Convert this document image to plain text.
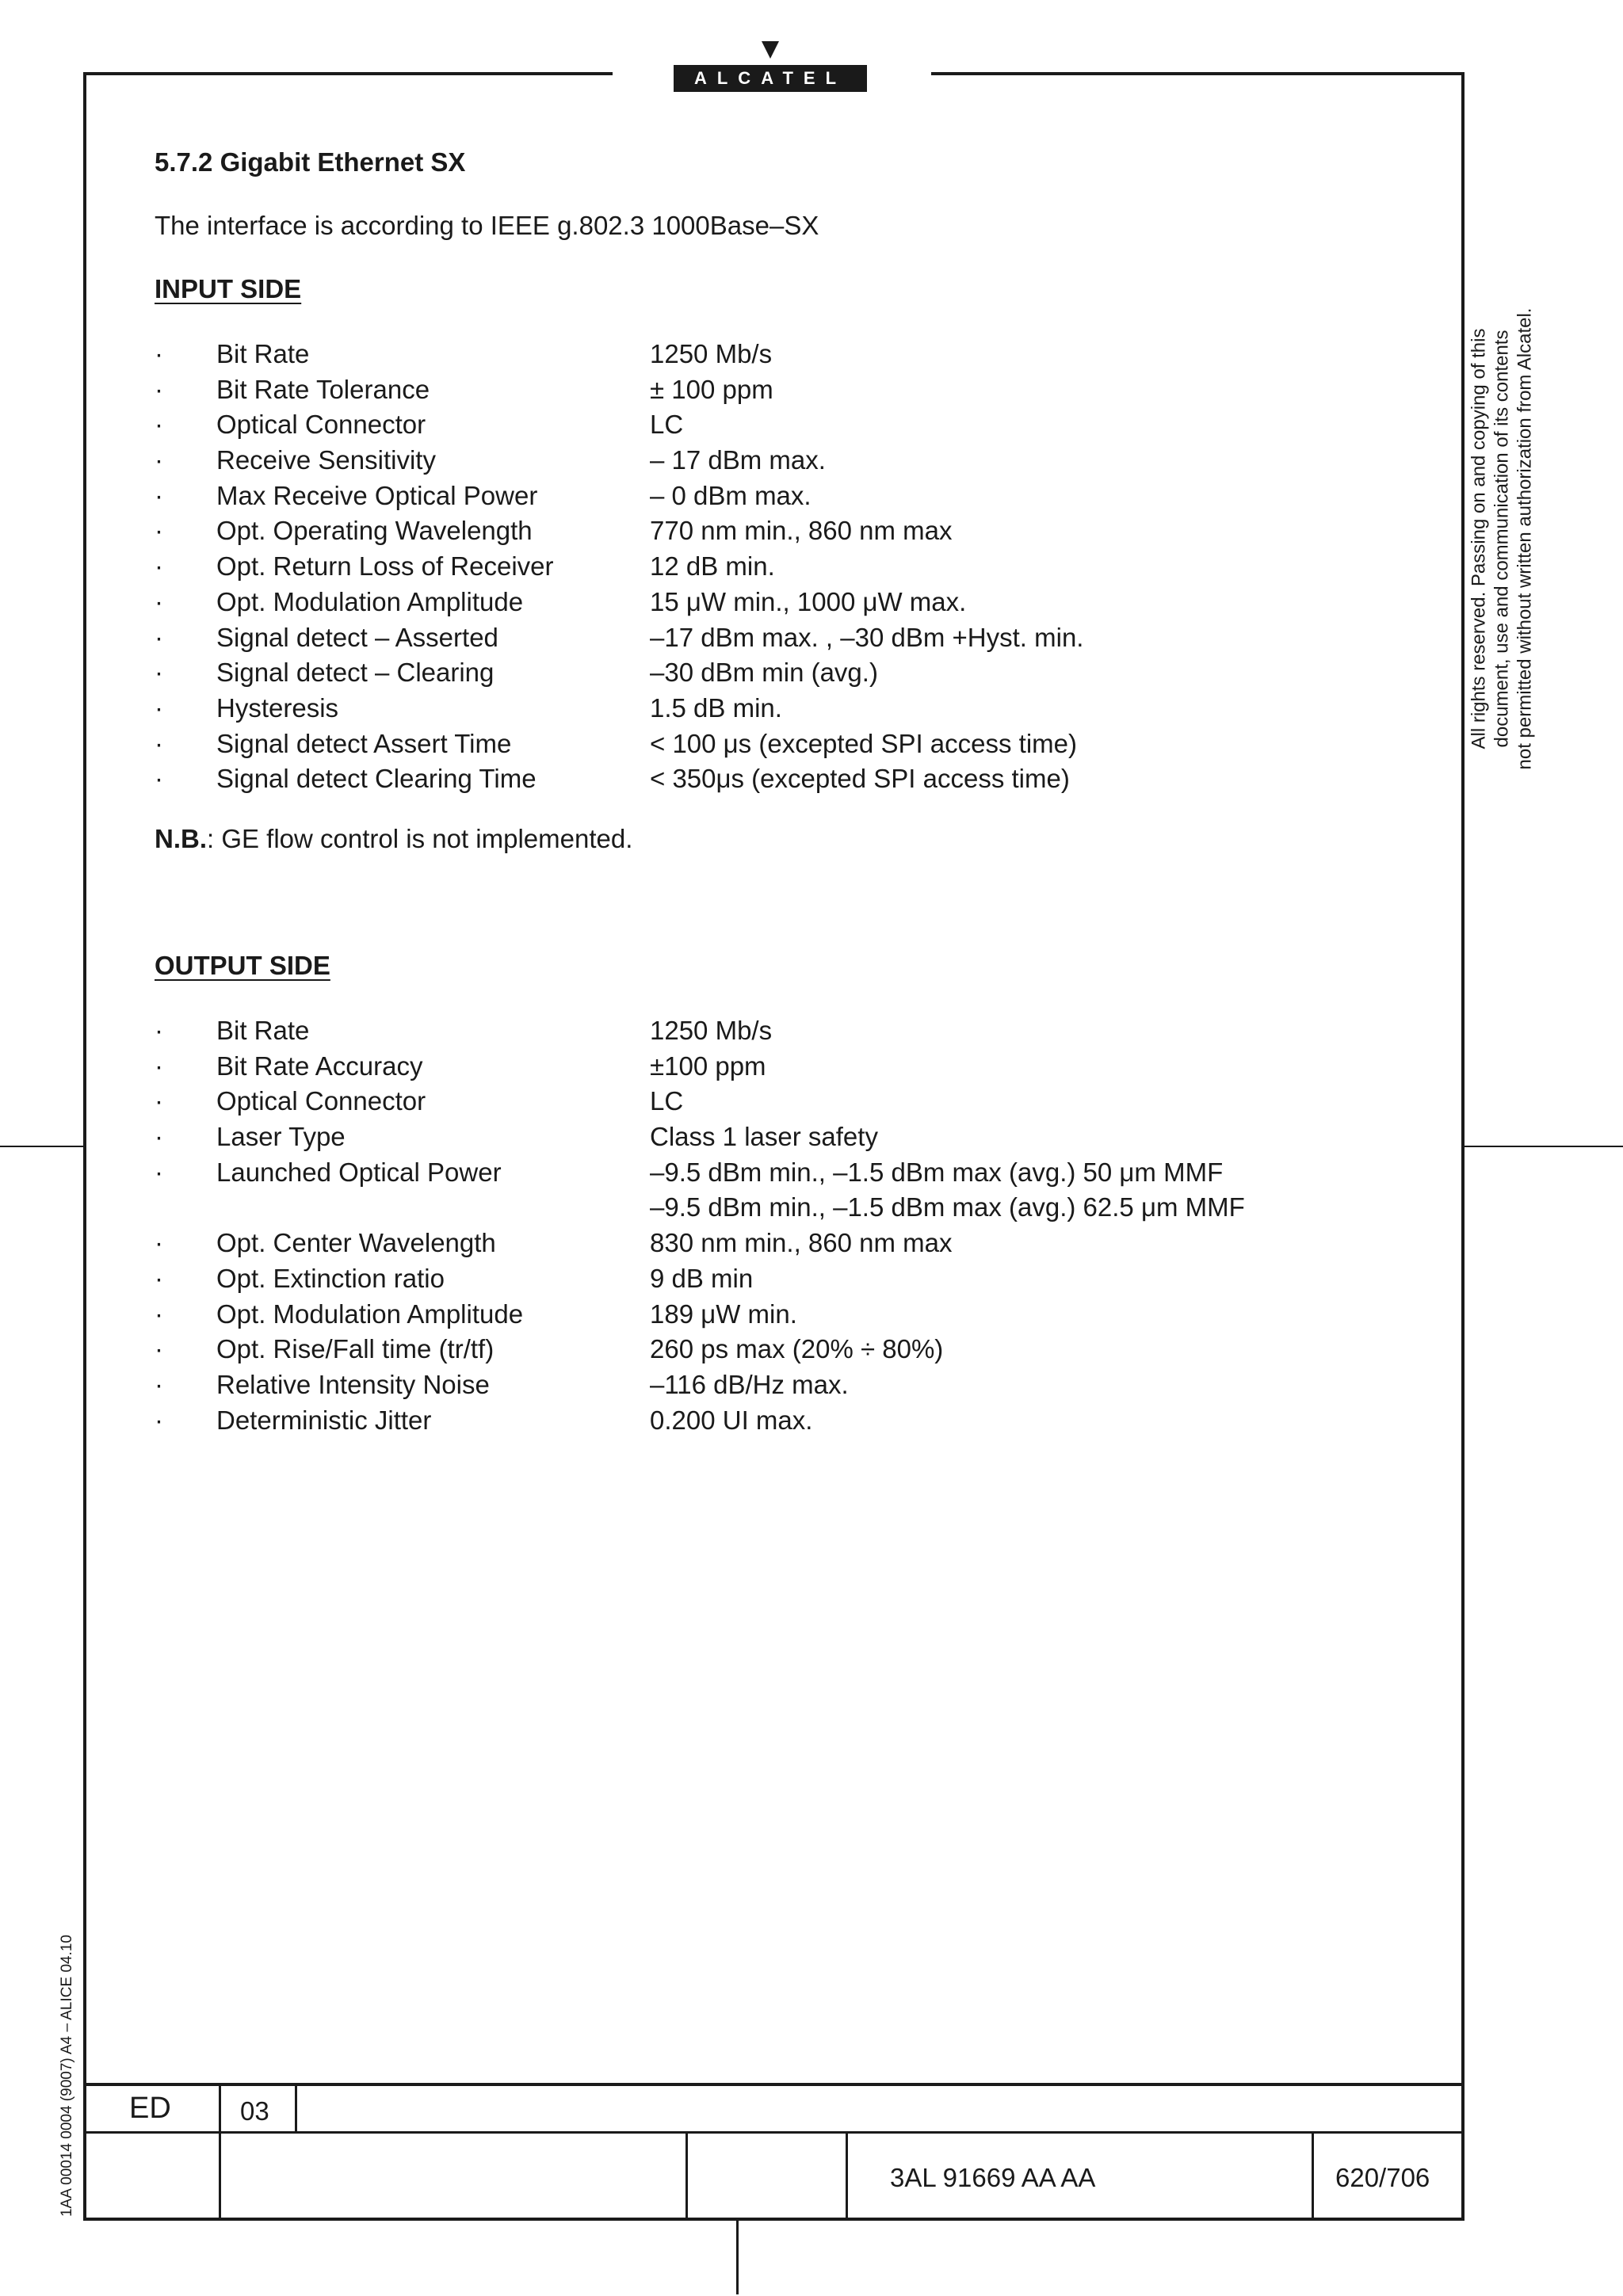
ALCATEL
5.7.2 Gigabit Ethernet SX
The interface is according to IEEE g.802.3 1000Base–SX
INPUT SIDE
· Bit Rate	1250 Mb/s
· Bit Rate Tolerance	± 100 ppm
· Optical Connector	LC
· Receive Sensitivity	– 17 dBm max.
· Max Receive Optical Power	– 0 dBm max.
· Opt. Operating Wavelength	770 nm min., 860 nm max
· Opt. Return Loss of Receiver	12 dB min.
· Opt. Modulation Amplitude	15 μW min., 1000 μW max.
· Signal detect – Asserted	–17 dBm max. , –30 dBm +Hyst. min.
· Signal detect – Clearing	–30 dBm min (avg.)
· Hysteresis	1.5 dB min.
· Signal detect Assert Time	< 100 μs (excepted SPI access time)
· Signal detect Clearing Time	< 350μs (excepted SPI access time)
N.B.: GE flow control is not implemented.
OUTPUT SIDE
· Bit Rate	1250 Mb/s
· Bit Rate Accuracy	±100 ppm
· Optical Connector	LC
· Laser Type	Class 1 laser safety
· Launched Optical Power	–9.5 dBm min., –1.5 dBm max (avg.) 50 μm MMF
–9.5 dBm min., –1.5 dBm max (avg.) 62.5 μm MMF
· Opt. Center Wavelength	830 nm min., 860 nm max
· Opt. Extinction ratio	9 dB min
· Opt. Modulation Amplitude	189 μW min.
· Opt. Rise/Fall time (tr/tf)	260 ps max (20% ÷ 80%)
· Relative Intensity Noise	–116 dB/Hz max.
· Deterministic Jitter	0.200 UI max.
All rights reserved. Passing on and copying of this document, use and communication of its contents not permitted without written authorization from Alcatel.
1AA 00014 0004 (9007) A4 – ALICE 04.10 ED	03
3AL 91669 AA AA	620/706
